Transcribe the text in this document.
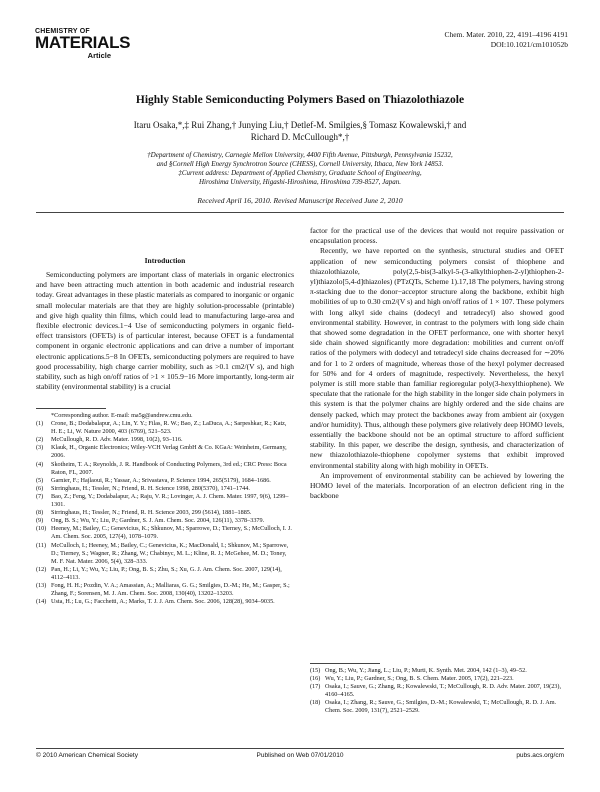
CHEMISTRY OF
MATERIALS
Article
Chem. Mater. 2010, 22, 4191–4196 4191
DOI:10.1021/cm101052b
Highly Stable Semiconducting Polymers Based on Thiazolothiazole
Itaru Osaka,*,‡ Rui Zhang,† Junying Liu,† Detlef-M. Smilgies,§ Tomasz Kowalewski,† and
Richard D. McCullough*,†
†Department of Chemistry, Carnegie Mellon University, 4400 Fifth Avenue, Pittsburgh, Pennsylvania 15232,
and §Cornell High Energy Synchrotron Source (CHESS), Cornell University, Ithaca, New York 14853.
‡Current address: Department of Applied Chemistry, Graduate School of Engineering,
Hiroshima University, Higashi-Hiroshima, Hiroshima 739-8527, Japan.
Received April 16, 2010. Revised Manuscript Received June 2, 2010
Introduction

Semiconducting polymers are important class of materials in organic electronics and have been attracting much attention in both academic and industrial research today. Great advantages in these plastic materials as compared to inorganic or organic small molecular materials are that they are highly solution-processable (printable) and give high quality thin films, which could lead to manufacturing large-area and flexible electronic devices.1−4 Use of semiconducting polymers in organic field-effect transistors (OFETs) is of particular interest, because OFET is a fundamental component in organic electronic applications and can drive a number of important electronic applications.5−8 In OFETs, semiconducting polymers are required to have good processability, high charge carrier mobility, such as >0.1 cm2/(V s), and high stability, such as high on/off ratios of >1 × 105.9−16 More importantly, long-term air stability (environmental stability) is a crucial

*Corresponding author. E-mail: ma5g@andrew.cmu.edu.
(1)	Crone, B.; Dodabalapur, A.; Lin, Y. Y.; Filas, R. W.; Bao, Z.; LaDuca, A.; Sarpeshkar, R.; Katz, H. E.; Li, W. Nature 2000, 403 (6769), 521–523.
(2)	McCullough, R. D. Adv. Mater. 1998, 10(2), 93–116.
(3)	Klauk, H., Organic Electronics; Wiley-VCH Verlag GmbH & Co. KGaA: Weinheim, Germany, 2006.
(4)	Skotheim, T. A.; Reynolds, J. R. Handbook of Conducting Polymers, 3rd ed.; CRC Press: Boca Raton, FL, 2007.
(5)	Garnier, F.; Hajlaoui, R.; Yassar, A.; Srivastava, P. Science 1994, 265(5179), 1684–1686.
(6)	Sirringhaus, H.; Tessler, N.; Friend, R. H. Science 1998, 280(5370), 1741–1744.
(7)	Bao, Z.; Feng, Y.; Dodabalapur, A.; Raju, V. R.; Lovinger, A. J. Chem. Mater. 1997, 9(6), 1299–1301.
(8)	Sirringhaus, H.; Tessler, N.; Friend, R. H. Science 2003, 299 (5614), 1881–1885.
(9)	Ong, B. S.; Wu, Y.; Liu, P.; Gardner, S. J. Am. Chem. Soc. 2004, 126(11), 3378–3379.
(10) Heeney, M.; Bailey, C.; Genevicius, K.; Shkunov, M.; Sparrowe, D.; Tierney, S.; McCulloch, I. J. Am. Chem. Soc. 2005, 127(4), 1078–1079.
(11) McCulloch, I.; Heeney, M.; Bailey, C.; Genevicius, K.; MacDonald, I.; Shkunov, M.; Sparrowe, D.; Tierney, S.; Wagner, R.; Zhang, W.; Chabinyc, M. L.; Kline, R. J.; McGehee, M. D.; Toney, M. F. Nat. Mater. 2006, 5(4), 328–333.
(12) Pan, H.; Li, Y.; Wu, Y.; Liu, P.; Ong, B. S.; Zhu, S.; Xu, G. J. Am. Chem. Soc. 2007, 129(14), 4112–4113.
(13) Fong, H. H.; Pozdin, V. A.; Amassian, A.; Malliaras, G. G.; Smilgies, D.-M.; He, M.; Gasper, S.; Zhang, F.; Sorensen, M. J. Am. Chem. Soc. 2008, 130(40), 13202–13203.
(14) Usta, H.; Lu, G.; Facchetti, A.; Marks, T. J. J. Am. Chem. Soc. 2006, 128(28), 9034–9035.

factor for the practical use of the devices that would not require passivation or encapsulation process.

Recently, we have reported on the synthesis, structural studies and OFET application of new semiconducting polymers consist of thiophene and thiazolothiazole, poly(2,5-bis(3-alkyl-5-(3-alkylthiophen-2-yl)thiophen-2-yl)thiazolo[5,4-d]thiazoles) (PTzQTs, Scheme 1).17,18 The polymers, having strong π-stacking due to the donor−acceptor structure along the backbone, exhibit high mobilities of up to 0.30 cm2/(V s) and high on/off ratios of 1 × 107. These polymers with long alkyl side chains (dodecyl and tetradecyl) also showed good environmental stability. However, in contrast to the polymers with long side chain that showed some degradation in the OFET performance, one with shorter hexyl side chain showed significantly more degradation: mobilities and current on/off ratios of the polymers with dodecyl and tetradecyl side chains decreased for ∼20% and for 1 to 2 orders of magnitude, whereas those of the hexyl polymer decreased for 50% and for 4 orders of magnitude, respectively. Nevertheless, the hexyl polymer is still more stable than familiar regioregular poly(3-hexylthiophene). We speculate that the rationale for the high stability in the longer side chain polymers in this system is that the polymer chains are highly ordered and the side chains are densely packed, which may protect the backbones away from ambient air (oxygen and/or humidity). Thus, although these polymers give relatively deep HOMO levels, essentially the backbone should not be an optimal structure to afford sufficient stability. In this paper, we describe the design, synthesis, and characterization of new thiazolothiazole-thiophene copolymer systems that exhibit improved environmental stability along with high mobility in OFETs.

An improvement of environmental stability can be achieved by lowering the HOMO level of the materials. Incorporation of an electron deficient ring in the backbone

(15) Ong, B.; Wu, Y.; Jiang, L.; Liu, P.; Murti, K. Synth. Met. 2004, 142 (1–3), 49–52.
(16) Wu, Y.; Liu, P.; Gardner, S.; Ong, B. S. Chem. Mater. 2005, 17(2), 221–223.
(17) Osaka, I.; Sauve, G.; Zhang, R.; Kowalewski, T.; McCullough, R. D. Adv. Mater. 2007, 19(23), 4160–4165.
(18) Osaka, I.; Zhang, R.; Sauve, G.; Smilgies, D.-M.; Kowalewski, T.; McCullough, R. D. J. Am. Chem. Soc. 2009, 131(7), 2521–2529.
© 2010 American Chemical Society	Published on Web 07/01/2010	pubs.acs.org/cm
